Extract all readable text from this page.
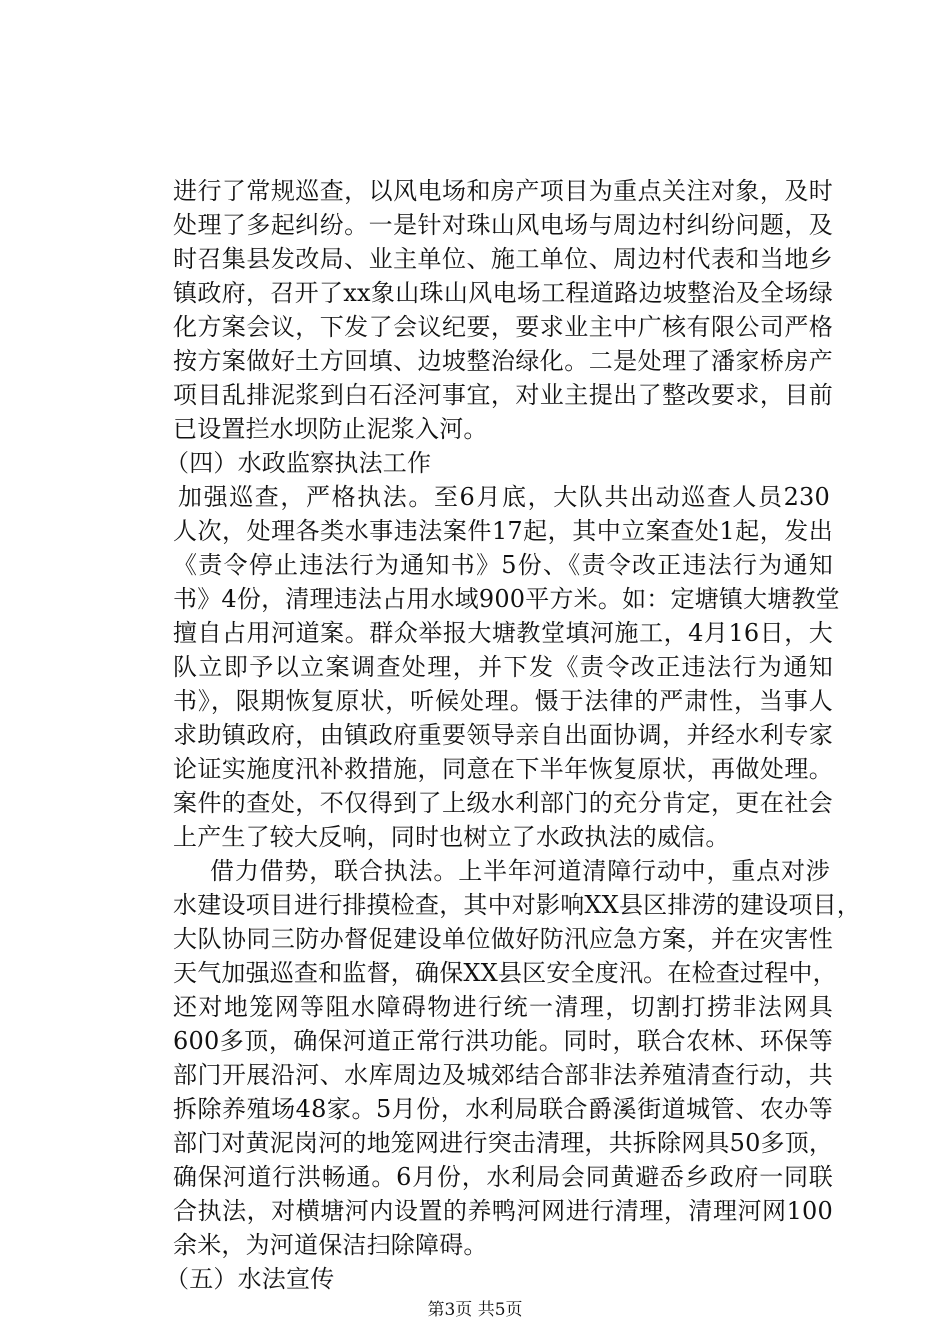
进行了常规巡查，以风电场和房产项目为重点关注对象，及时
处理了多起纠纷。一是针对珠山风电场与周边村纠纷问题，及
时召集县发改局、业主单位、施工单位、周边村代表和当地乡
镇政府，召开了xx象山珠山风电场工程道路边坡整治及全场绿
化方案会议，下发了会议纪要，要求业主中广核有限公司严格
按方案做好土方回填、边坡整治绿化。二是处理了潘家桥房产
项目乱排泥浆到白石泾河事宜，对业主提出了整改要求，目前
已设置拦水坝防止泥浆入河。
（四）水政监察执法工作
加强巡查，严格执法。至6月底，大队共出动巡查人员230
人次，处理各类水事违法案件17起，其中立案查处1起，发出
《责令停止违法行为通知书》5份、《责令改正违法行为通知
书》4份，清理违法占用水域900平方米。如：定塘镇大塘教堂
擅自占用河道案。群众举报大塘教堂填河施工，4月16日，大
队立即予以立案调查处理，并下发《责令改正违法行为通知
书》，限期恢复原状，听候处理。慑于法律的严肃性，当事人
求助镇政府，由镇政府重要领导亲自出面协调，并经水利专家
论证实施度汛补救措施，同意在下半年恢复原状，再做处理。
案件的查处，不仅得到了上级水利部门的充分肯定，更在社会
上产生了较大反响，同时也树立了水政执法的威信。
借力借势，联合执法。上半年河道清障行动中，重点对涉
水建设项目进行排摸检查，其中对影响XX县区排涝的建设项目，
大队协同三防办督促建设单位做好防汛应急方案，并在灾害性
天气加强巡查和监督，确保XX县区安全度汛。在检查过程中，
还对地笼网等阻水障碍物进行统一清理，切割打捞非法网具
600多顶，确保河道正常行洪功能。同时，联合农林、环保等
部门开展沿河、水库周边及城郊结合部非法养殖清查行动，共
拆除养殖场48家。5月份，水利局联合爵溪街道城管、农办等
部门对黄泥岗河的地笼网进行突击清理，共拆除网具50多顶，
确保河道行洪畅通。6月份，水利局会同黄避岙乡政府一同联
合执法，对横塘河内设置的养鸭河网进行清理，清理河网100
余米，为河道保洁扫除障碍。
（五）水法宣传
第3页 共5页
